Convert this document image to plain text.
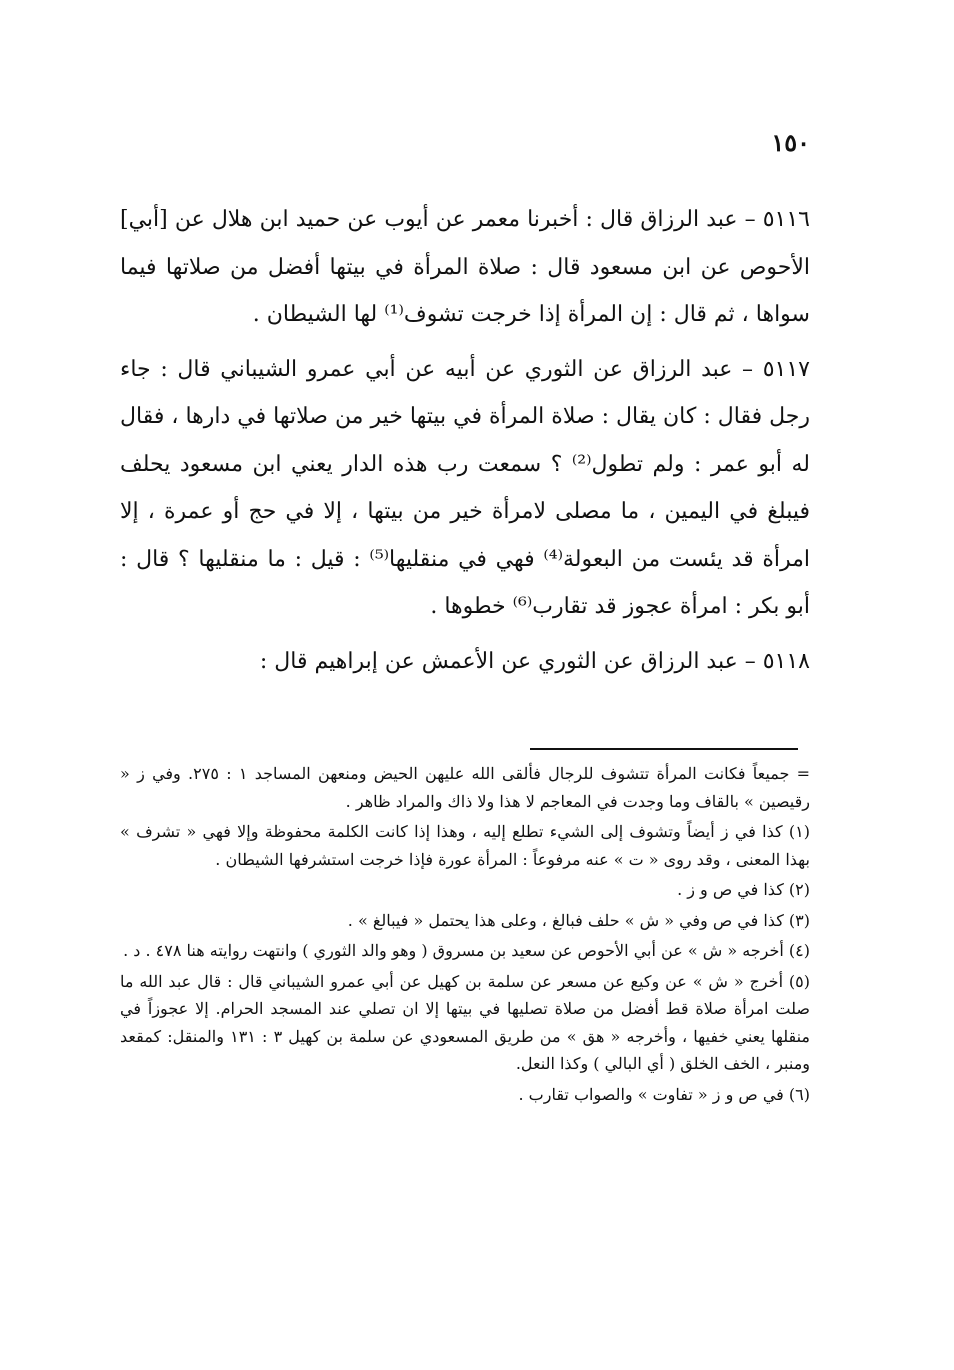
١٥٠

٥١١٦ – عبد الرزاق قال : أخبرنا معمر عن أيوب عن حميد ابن هلال عن [أبي] الأحوص عن ابن مسعود قال : صلاة المرأة في بيتها أفضل من صلاتها فيما سواها ، ثم قال : إن المرأة إذا خرجت تشوف⁽¹⁾ لها الشيطان .

٥١١٧ – عبد الرزاق عن الثوري عن أبيه عن أبي عمرو الشيباني قال : جاء رجل فقال : كان يقال : صلاة المرأة في بيتها خير من صلاتها في دارها ، فقال له أبو عمر : ولم تطول⁽²⁾ ؟ سمعت رب هذه الدار يعني ابن مسعود يحلف فيبلغ في اليمين ، ما مصلى لامرأة خير من بيتها ، إلا في حج أو عمرة ، إلا امرأة قد يئست من البعولة⁽⁴⁾ فهي في منقليها⁽⁵⁾ : قيل : ما منقليها ؟ قال : أبو بكر : امرأة عجوز قد تقارب⁽⁶⁾ خطوها .

٥١١٨ – عبد الرزاق عن الثوري عن الأعمش عن إبراهيم قال :

= جميعاً فكانت المرأة تتشوف للرجال فألقى الله عليهن الحيض ومنعهن المساجد ١ : ٢٧٥. وفي ز « رقيصين » بالقاف وما وجدت في المعاجم لا هذا ولا ذاك والمراد ظاهر .

(١) كذا في ز أيضاً وتشوف إلى الشيء تطلع إليه ، وهذا إذا كانت الكلمة محفوظة وإلا فهي « تشرف » بهذا المعنى ، وقد روى « ت » عنه مرفوعاً : المرأة عورة فإذا خرجت استشرفها الشيطان .

(٢) كذا في ص و ز .

(٣) كذا في ص وفي « ش » حلف فبالغ ، وعلى هذا يحتمل « فيبالغ » .

(٤) أخرجه « ش » عن أبي الأحوص عن سعيد بن مسروق ( وهو والد الثوري ) وانتهت روايته هنا ٤٧٨ . د .

(٥) أخرج « ش » عن وكيع عن مسعر عن سلمة بن كهيل عن أبي عمرو الشيباني قال : قال عبد الله ما صلت امرأة صلاة قط أفضل من صلاة تصليها في بيتها إلا ان تصلي عند المسجد الحرام. إلا عجوزاً في منقلها يعني خفيها ، وأخرجه « هق » من طريق المسعودي عن سلمة بن كهيل ٣ : ١٣١ والمنقل: كمقعد ومنبر ، الخف الخلق ( أي البالي ) وكذا النعل.

(٦) في ص و ز « تفاوت » والصواب تقارب .
